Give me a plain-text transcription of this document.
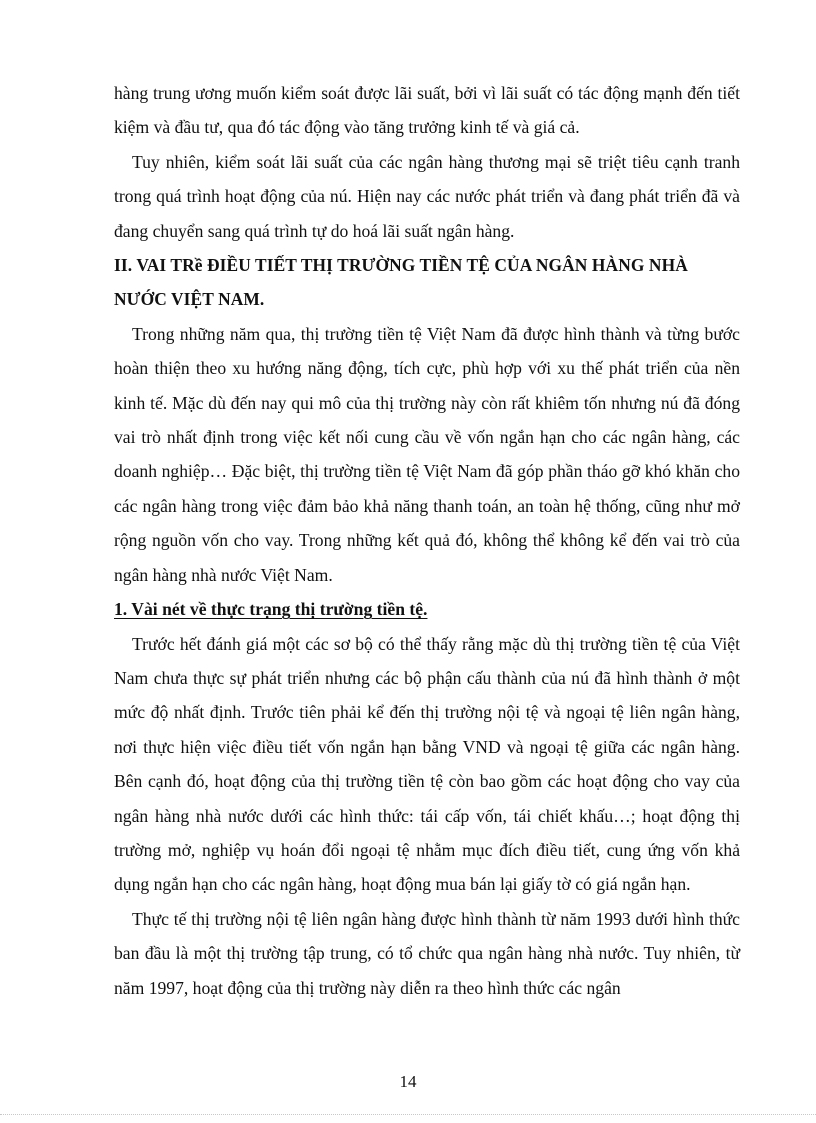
hàng trung ương muốn kiểm soát được lãi suất, bởi vì lãi suất có tác động mạnh đến tiết kiệm và đầu tư, qua đó tác động vào tăng trưởng kinh tế và giá cả.

Tuy nhiên, kiểm soát lãi suất của các ngân hàng thương mại sẽ triệt tiêu cạnh tranh trong quá trình hoạt động của nú. Hiện nay các nước phát triển và đang phát triển đã và đang chuyển sang quá trình tự do hoá lãi suất ngân hàng.

II. VAI TRề ĐIỀU TIẾT THỊ TRƯỜNG TIỀN TỆ CỦA NGÂN HÀNG NHÀ NƯỚC VIỆT NAM.

Trong những năm qua, thị trường tiền tệ Việt Nam đã được hình thành và từng bước hoàn thiện theo xu hướng năng động, tích cực, phù hợp với xu thế phát triển của nền kinh tế. Mặc dù đến nay qui mô của thị trường này còn rất khiêm tốn nhưng nú đã đóng vai trò nhất định trong việc kết nối cung cầu về vốn ngắn hạn cho các ngân hàng, các doanh nghiệp… Đặc biệt, thị trường tiền tệ Việt Nam đã góp phần tháo gỡ khó khăn cho các ngân hàng trong việc đảm bảo khả năng thanh toán, an toàn hệ thống, cũng như mở rộng nguồn vốn cho vay. Trong những kết quả đó, không thể không kể đến vai trò của ngân hàng nhà nước Việt Nam.

1. Vài nét về thực trạng thị trường tiền tệ.

Trước hết đánh giá một các sơ bộ có thể thấy rằng mặc dù thị trường tiền tệ của Việt Nam chưa thực sự phát triển nhưng các bộ phận cấu thành của nú đã hình thành ở một mức độ nhất định. Trước tiên phải kể đến thị trường nội tệ và ngoại tệ liên ngân hàng, nơi thực hiện việc điều tiết vốn ngắn hạn bằng VND và ngoại tệ giữa các ngân hàng. Bên cạnh đó, hoạt động của thị trường tiền tệ còn bao gồm các hoạt động cho vay của ngân hàng nhà nước dưới các hình thức: tái cấp vốn, tái chiết khấu…; hoạt động thị trường mở, nghiệp vụ hoán đổi ngoại tệ nhằm mục đích điều tiết, cung ứng vốn khả dụng ngắn hạn cho các ngân hàng, hoạt động mua bán lại giấy tờ có giá ngắn hạn.

Thực tế thị trường nội tệ liên ngân hàng được hình thành từ năm 1993 dưới hình thức ban đầu là một thị trường tập trung, có tổ chức qua ngân hàng nhà nước. Tuy nhiên, từ năm 1997, hoạt động của thị trường này diễn ra theo hình thức các ngân

14
